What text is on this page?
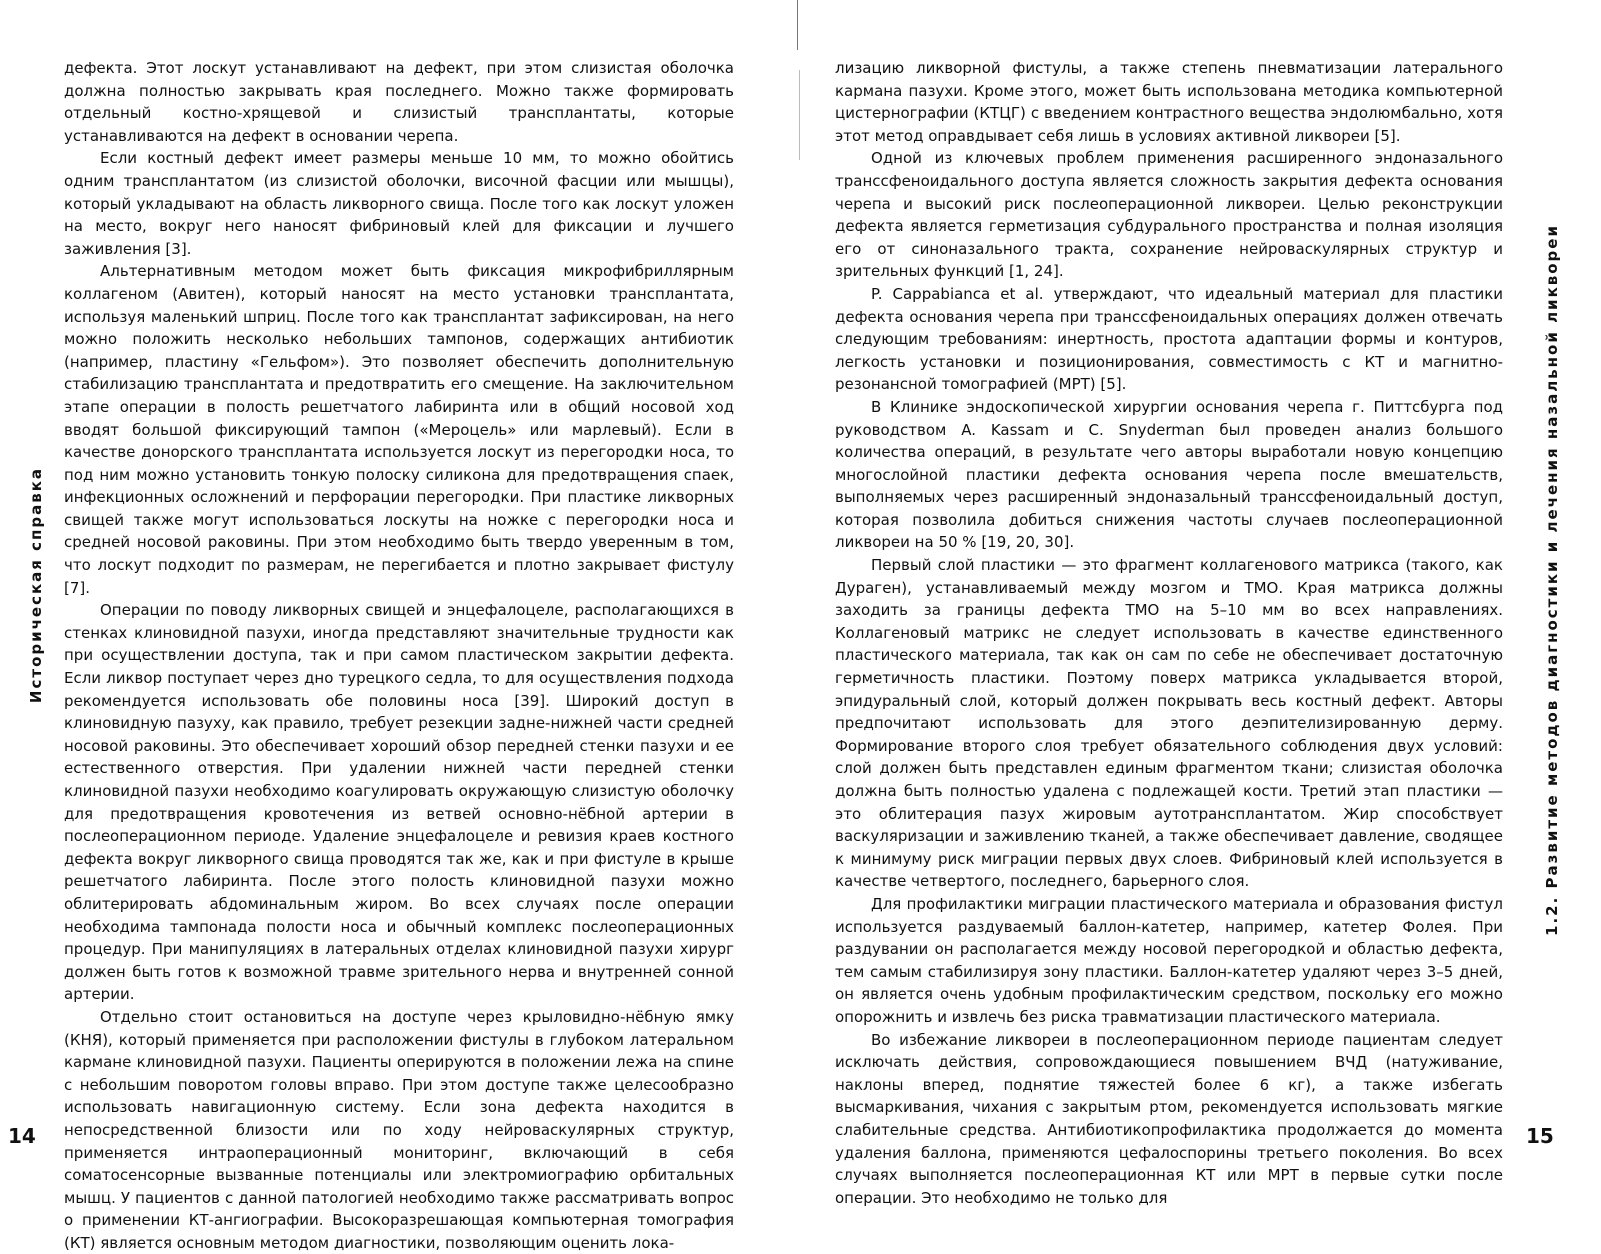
дефекта. Этот лоскут устанавливают на дефект, при этом слизистая оболочка должна полностью закрывать края последнего. Можно также формировать отдельный костно-хрящевой и слизистый трансплантаты, которые устанавливаются на дефект в основании черепа.

Если костный дефект имеет размеры меньше 10 мм, то можно обойтись одним трансплантатом (из слизистой оболочки, височной фасции или мышцы), который укладывают на область ликворного свища. После того как лоскут уложен на место, вокруг него наносят фибриновый клей для фиксации и лучшего заживления [3].

Альтернативным методом может быть фиксация микрофибриллярным коллагеном (Авитен), который наносят на место установки трансплантата, используя маленький шприц. После того как трансплантат зафиксирован, на него можно положить несколько небольших тампонов, содержащих антибиотик (например, пластину «Гельфом»). Это позволяет обеспечить дополнительную стабилизацию трансплантата и предотвратить его смещение. На заключительном этапе операции в полость решетчатого лабиринта или в общий носовой ход вводят большой фиксирующий тампон («Мероцель» или марлевый). Если в качестве донорского трансплантата используется лоскут из перегородки носа, то под ним можно установить тонкую полоску силикона для предотвращения спаек, инфекционных осложнений и перфорации перегородки. При пластике ликворных свищей также могут использоваться лоскуты на ножке с перегородки носа и средней носовой раковины. При этом необходимо быть твердо уверенным в том, что лоскут подходит по размерам, не перегибается и плотно закрывает фистулу [7].

Операции по поводу ликворных свищей и энцефалоцеле, располагающихся в стенках клиновидной пазухи, иногда представляют значительные трудности как при осуществлении доступа, так и при самом пластическом закрытии дефекта. Если ликвор поступает через дно турецкого седла, то для осуществления подхода рекомендуется использовать обе половины носа [39]. Широкий доступ в клиновидную пазуху, как правило, требует резекции задне-нижней части средней носовой раковины. Это обеспечивает хороший обзор передней стенки пазухи и ее естественного отверстия. При удалении нижней части передней стенки клиновидной пазухи необходимо коагулировать окружающую слизистую оболочку для предотвращения кровотечения из ветвей основно-нёбной артерии в послеоперационном периоде. Удаление энцефалоцеле и ревизия краев костного дефекта вокруг ликворного свища проводятся так же, как и при фистуле в крыше решетчатого лабиринта. После этого полость клиновидной пазухи можно облитерировать абдоминальным жиром. Во всех случаях после операции необходима тампонада полости носа и обычный комплекс послеоперационных процедур. При манипуляциях в латеральных отделах клиновидной пазухи хирург должен быть готов к возможной травме зрительного нерва и внутренней сонной артерии.

Отдельно стоит остановиться на доступе через крыловидно-нёбную ямку (КНЯ), который применяется при расположении фистулы в глубоком латеральном кармане клиновидной пазухи. Пациенты оперируются в положении лежа на спине с небольшим поворотом головы вправо. При этом доступе также целесообразно использовать навигационную систему. Если зона дефекта находится в непосредственной близости или по ходу нейроваскулярных структур, применяется интраоперационный мониторинг, включающий в себя соматосенсорные вызванные потенциалы или электромиографию орбитальных мышц. У пациентов с данной патологией необходимо также рассматривать вопрос о применении КТ-ангиографии. Высокоразрешающая компьютерная томография (КТ) является основным методом диагностики, позволяющим оценить лока-

Историческая справка
14

лизацию ликворной фистулы, а также степень пневматизации латерального кармана пазухи. Кроме этого, может быть использована методика компьютерной цистернографии (КТЦГ) с введением контрастного вещества эндолюмбально, хотя этот метод оправдывает себя лишь в условиях активной ликвореи [5].

Одной из ключевых проблем применения расширенного эндоназального транссфеноидального доступа является сложность закрытия дефекта основания черепа и высокий риск послеоперационной ликвореи. Целью реконструкции дефекта является герметизация субдурального пространства и полная изоляция его от синоназального тракта, сохранение нейроваскулярных структур и зрительных функций [1, 24].

P. Cappabianca et al. утверждают, что идеальный материал для пластики дефекта основания черепа при транссфеноидальных операциях должен отвечать следующим требованиям: инертность, простота адаптации формы и контуров, легкость установки и позиционирования, совместимость с КТ и магнитно-резонансной томографией (МРТ) [5].

В Клинике эндоскопической хирургии основания черепа г. Питтсбурга под руководством A. Kassam и C. Snyderman был проведен анализ большого количества операций, в результате чего авторы выработали новую концепцию многослойной пластики дефекта основания черепа после вмешательств, выполняемых через расширенный эндоназальный транссфеноидальный доступ, которая позволила добиться снижения частоты случаев послеоперационной ликвореи на 50 % [19, 20, 30].

Первый слой пластики — это фрагмент коллагенового матрикса (такого, как Дураген), устанавливаемый между мозгом и ТМО. Края матрикса должны заходить за границы дефекта ТМО на 5–10 мм во всех направлениях. Коллагеновый матрикс не следует использовать в качестве единственного пластического материала, так как он сам по себе не обеспечивает достаточную герметичность пластики. Поэтому поверх матрикса укладывается второй, эпидуральный слой, который должен покрывать весь костный дефект. Авторы предпочитают использовать для этого деэпителизированную дерму. Формирование второго слоя требует обязательного соблюдения двух условий: слой должен быть представлен единым фрагментом ткани; слизистая оболочка должна быть полностью удалена с подлежащей кости. Третий этап пластики — это облитерация пазух жировым аутотрансплантатом. Жир способствует васкуляризации и заживлению тканей, а также обеспечивает давление, сводящее к минимуму риск миграции первых двух слоев. Фибриновый клей используется в качестве четвертого, последнего, барьерного слоя.

Для профилактики миграции пластического материала и образования фистул используется раздуваемый баллон-катетер, например, катетер Фолея. При раздувании он располагается между носовой перегородкой и областью дефекта, тем самым стабилизируя зону пластики. Баллон-катетер удаляют через 3–5 дней, он является очень удобным профилактическим средством, поскольку его можно опорожнить и извлечь без риска травматизации пластического материала.

Во избежание ликвореи в послеоперационном периоде пациентам следует исключать действия, сопровождающиеся повышением ВЧД (натуживание, наклоны вперед, поднятие тяжестей более 6 кг), а также избегать высмаркивания, чихания с закрытым ртом, рекомендуется использовать мягкие слабительные средства. Антибиотикопрофилактика продолжается до момента удаления баллона, применяются цефалоспорины третьего поколения. Во всех случаях выполняется послеоперационная КТ или МРТ в первые сутки после операции. Это необходимо не только для

1.2. Развитие методов диагностики и лечения назальной ликвореи
15
